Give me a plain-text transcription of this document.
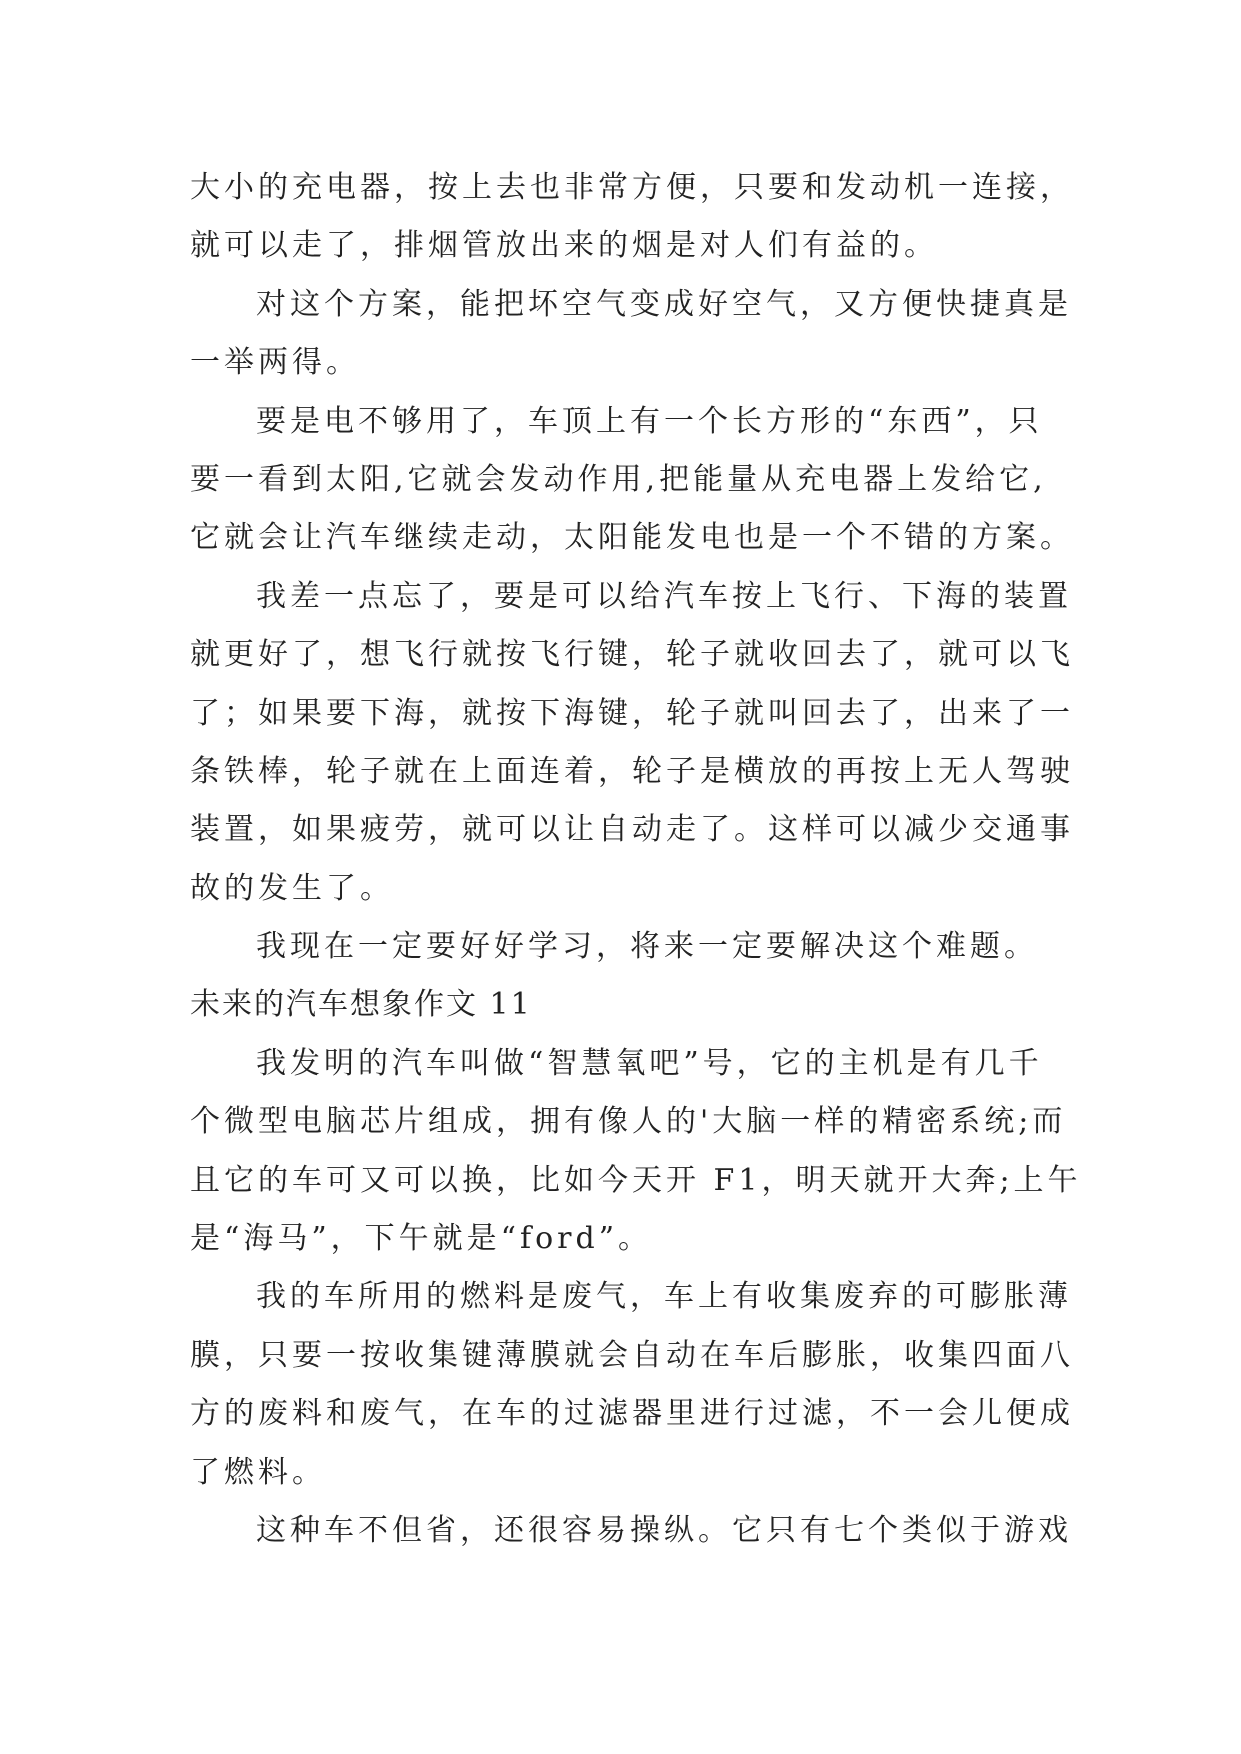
大小的充电器，按上去也非常方便，只要和发动机一连接，

就可以走了，排烟管放出来的烟是对人们有益的。

对这个方案，能把坏空气变成好空气，又方便快捷真是

一举两得。

要是电不够用了，车顶上有一个长方形的“东西”，只

要一看到太阳,它就会发动作用,把能量从充电器上发给它,

它就会让汽车继续走动，太阳能发电也是一个不错的方案。

我差一点忘了，要是可以给汽车按上飞行、下海的装置

就更好了，想飞行就按飞行键，轮子就收回去了，就可以飞

了；如果要下海，就按下海键，轮子就叫回去了，出来了一

条铁棒，轮子就在上面连着，轮子是横放的再按上无人驾驶

装置，如果疲劳，就可以让自动走了。这样可以减少交通事

故的发生了。

我现在一定要好好学习，将来一定要解决这个难题。

未来的汽车想象作文 11

我发明的汽车叫做“智慧氧吧”号，它的主机是有几千

个微型电脑芯片组成，拥有像人的'大脑一样的精密系统;而

且它的车可又可以换，比如今天开 F1，明天就开大奔;上午

是“海马”，下午就是“ford”。

我的车所用的燃料是废气，车上有收集废弃的可膨胀薄

膜，只要一按收集键薄膜就会自动在车后膨胀，收集四面八

方的废料和废气，在车的过滤器里进行过滤，不一会儿便成

了燃料。

这种车不但省，还很容易操纵。它只有七个类似于游戏
